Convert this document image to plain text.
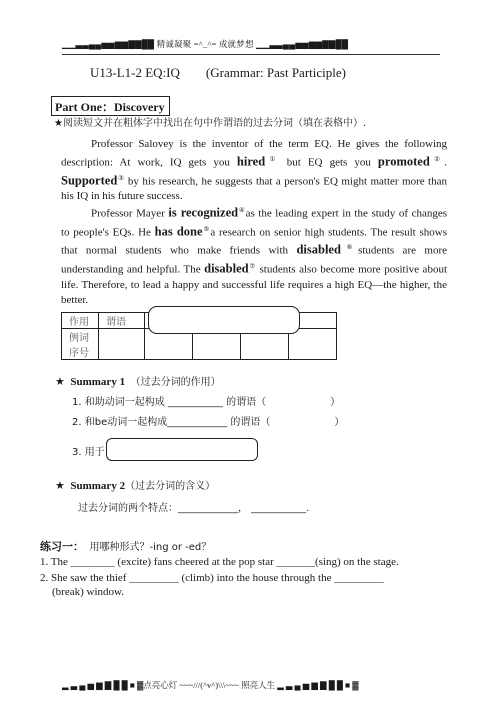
▁▁▃▃▄▄▅▅▆▆▇▇██ 精诚凝聚 =^_^= 成就梦想 ▁▁▃▃▄▄▅▅▆▆▇▇██
U13-L1-2 EQ:IQ (Grammar: Past Participle)
Part One：Discovery
★阅读短文并在粗体字中找出在句中作谓语的过去分词（填在表格中）.
Professor Salovey is the inventor of the term EQ. He gives the following description: At work, IQ gets you hired① but EQ gets you promoted②. Supported③ by his research, he suggests that a person's EQ might matter more than his IQ in his future success.
Professor Mayer is recognized④as the leading expert in the study of changes to people's EQs. He has done⑤a research on senior high students. The result shows that normal students who make friends with disabled⑥students are more understanding and helpful. The disabled⑦ students also become more positive about life. Therefore, to lead a happy and successful life requires a high EQ—the higher, the better.
作用	谓语				
例词					
序号					
★ Summary 1 （过去分词的作用）
1. 和助动词一起构成 ___________ 的谓语（	）
2. 和be动词一起构成____________ 的谓语（	）
3. 用于
★ Summary 2（过去分词的含义）
过去分词的两个特点：____________， ___________.
练习一： 用哪种形式？-ing or -ed？
1. The ________ (excite) fans cheered at the pop star _______(sing) on the stage.
2. She saw the thief _________ (climb) into the house through the _________
(break) window.
▂ ▃ ▄ ▅ ▆ ▇ █ █ ■ ▓点亮心灯 ~~~///(^v^)\\\~~~ 照亮人生 ▂ ▃ ▄ ▅ ▆ ▇ █ █ ■ ▓
